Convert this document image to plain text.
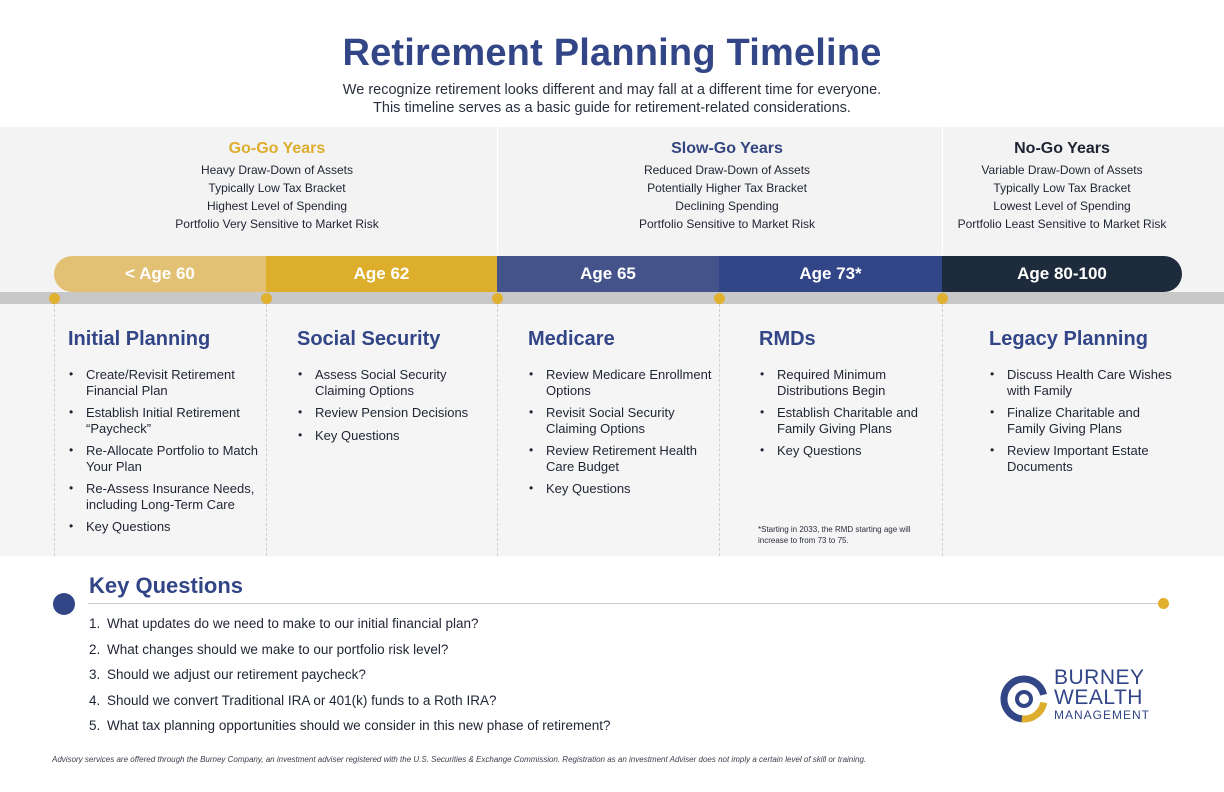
Retirement Planning Timeline
We recognize retirement looks different and may fall at a different time for everyone.
This timeline serves as a basic guide for retirement-related considerations.
Go-Go Years
Heavy Draw-Down of Assets
Typically Low Tax Bracket
Highest Level of Spending
Portfolio Very Sensitive to Market Risk
Slow-Go Years
Reduced Draw-Down of Assets
Potentially Higher Tax Bracket
Declining Spending
Portfolio Sensitive to Market Risk
No-Go Years
Variable Draw-Down of Assets
Typically Low Tax Bracket
Lowest Level of Spending
Portfolio Least Sensitive to Market Risk
< Age 60	Age 62	Age 65	Age 73*	Age 80-100
Initial Planning
• Create/Revisit Retirement Financial Plan
• Establish Initial Retirement “Paycheck”
• Re-Allocate Portfolio to Match Your Plan
• Re-Assess Insurance Needs, including Long-Term Care
• Key Questions
Social Security
• Assess Social Security Claiming Options
• Review Pension Decisions
• Key Questions
Medicare
• Review Medicare Enrollment Options
• Revisit Social Security Claiming Options
• Review Retirement Health Care Budget
• Key Questions
RMDs
• Required Minimum Distributions Begin
• Establish Charitable and Family Giving Plans
• Key Questions
*Starting in 2033, the RMD starting age will increase to from 73 to 75.
Legacy Planning
• Discuss Health Care Wishes with Family
• Finalize Charitable and Family Giving Plans
• Review Important Estate Documents
Key Questions
1. What updates do we need to make to our initial financial plan?
2. What changes should we make to our portfolio risk level?
3. Should we adjust our retirement paycheck?
4. Should we convert Traditional IRA or 401(k) funds to a Roth IRA?
5. What tax planning opportunities should we consider in this new phase of retirement?
BURNEY
WEALTH
MANAGEMENT
Advisory services are offered through the Burney Company, an investment adviser registered with the U.S. Securities & Exchange Commission. Registration as an investment Adviser does not imply a certain level of skill or training.
